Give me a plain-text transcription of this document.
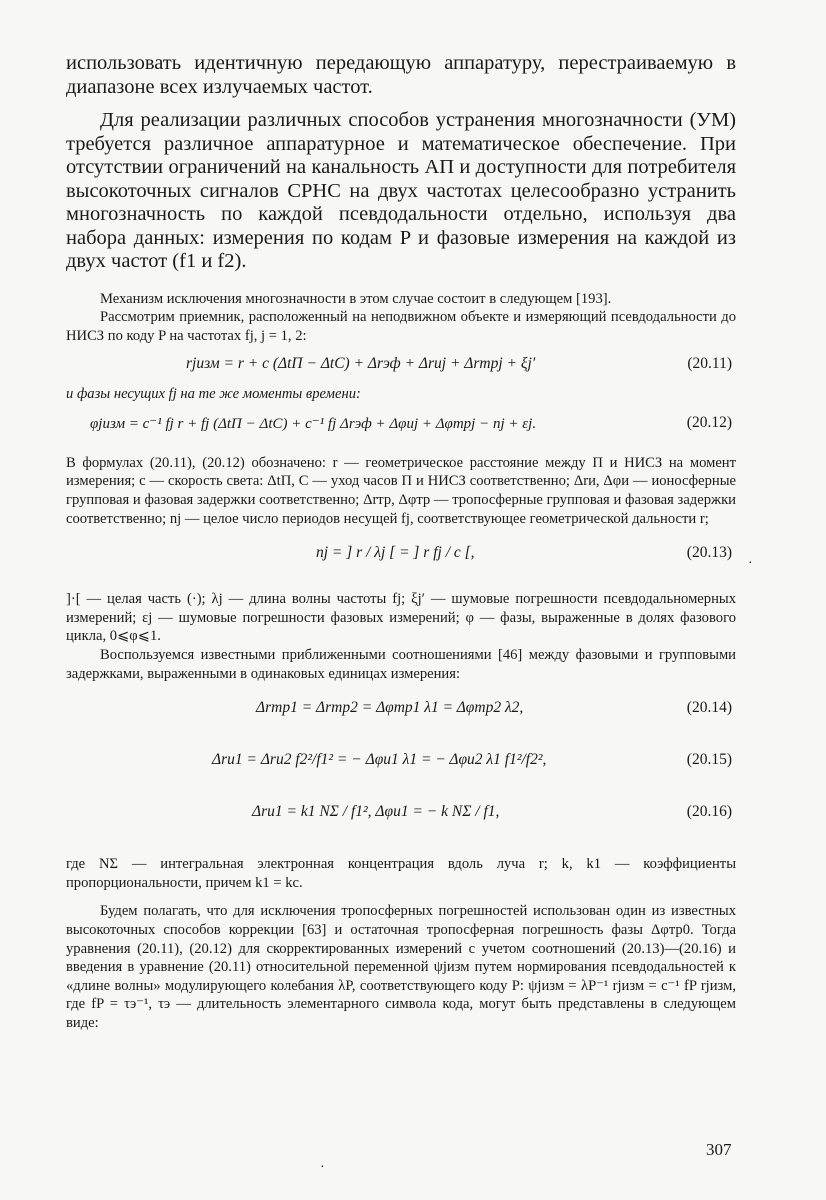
использовать идентичную передающую аппаратуру, перестраиваемую в диапазоне всех излучаемых частот.

Для реализации различных способов устранения многозначности (УМ) требуется различное аппаратурное и математическое обеспечение. При отсутствии ограничений на канальность АП и доступности для потребителя высокоточных сигналов СРНС на двух частотах целесообразно устранить многозначность по каждой псевдодальности отдельно, используя два набора данных: измерения по кодам P и фазовые измерения на каждой из двух частот (f1 и f2).

Механизм исключения многозначности в этом случае состоит в следующем [193].

Рассмотрим приемник, расположенный на неподвижном объекте и измеряющий псевдодальности до НИСЗ по коду P на частотах fj, j = 1, 2:

rjизм = r + c (ΔtП − ΔtС) + Δrэф + Δrиj + Δrтрj + ξj′	(20.11)

и фазы несущих fj на те же моменты времени:

φjизм = c⁻¹ fj r + fj (ΔtП − ΔtС) + c⁻¹ fj Δrэф + Δφиj + Δφтрj − nj + εj.	(20.12)

В формулах (20.11), (20.12) обозначено: r — геометрическое расстояние между П и НИСЗ на момент измерения; c — скорость света: ΔtП, С — уход часов П и НИСЗ соответственно; Δrи, Δφи — ионосферные групповая и фазовая задержки соответственно; Δrтр, Δφтр — тропосферные групповая и фазовая задержки соответственно; nj — целое число периодов несущей fj, соответствующее геометрической дальности r;

nj = ] r / λj [ = ] r fj / c [,	(20.13)

]·[ — целая часть (·); λj — длина волны частоты fj; ξj′ — шумовые погрешности псевдодальномерных измерений; εj — шумовые погрешности фазовых измерений; φ — фазы, выраженные в долях фазового цикла, 0⩽φ⩽1.

Воспользуемся известными приближенными соотношениями [46] между фазовыми и групповыми задержками, выраженными в одинаковых единицах измерения:

Δrтр1 = Δrтр2 = Δφтр1 λ1 = Δφтр2 λ2,	(20.14)
Δrи1 = Δrи2 f2²/f1² = − Δφи1 λ1 = − Δφи2 λ1 f1²/f2²,	(20.15)
Δrи1 = k1 NΣ / f1², Δφи1 = − k NΣ / f1,	(20.16)

где NΣ — интегральная электронная концентрация вдоль луча r; k, k1 — коэффициенты пропорциональности, причем k1 = kc.

Будем полагать, что для исключения тропосферных погрешностей использован один из известных высокоточных способов коррекции [63] и остаточная тропосферная погрешность фазы Δφтр0. Тогда уравнения (20.11), (20.12) для скорректированных измерений с учетом соотношений (20.13)—(20.16) и введения в уравнение (20.11) относительной переменной ψjизм путем нормирования псевдодальностей к «длине волны» модулирующего колебания λP, соответствующего коду P: ψjизм = λP⁻¹ rjизм = c⁻¹ fP rjизм, где fP = τэ⁻¹, τэ — длительность элементарного символа кода, могут быть представлены в следующем виде:

·
307
·
